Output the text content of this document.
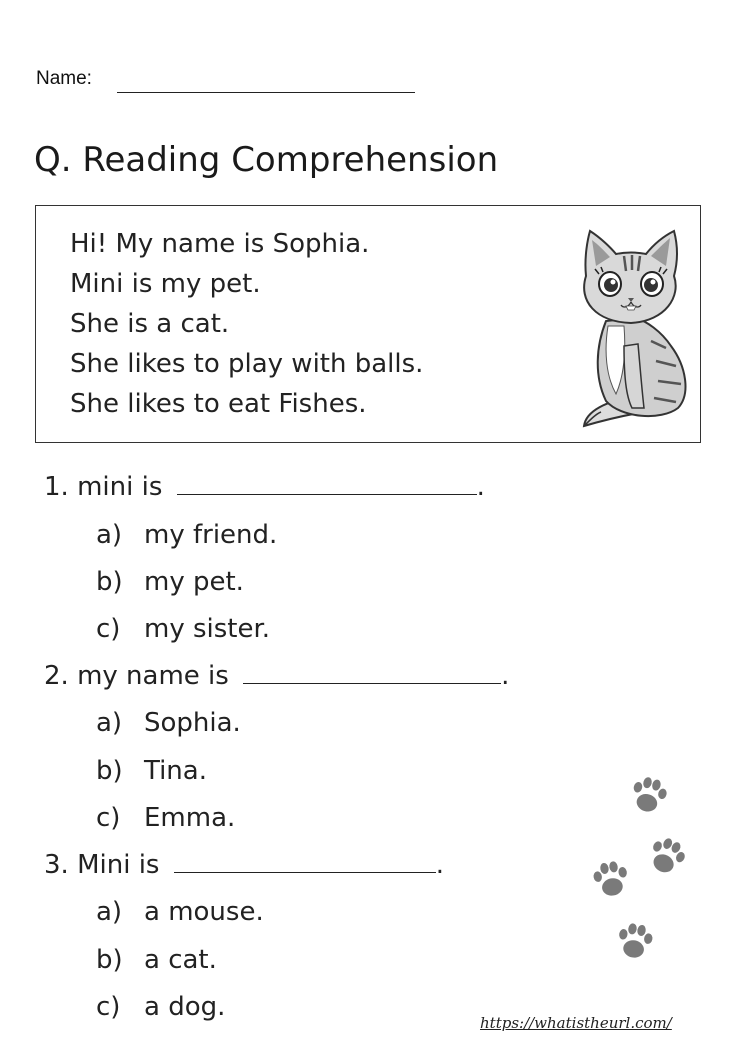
Name:
Q. Reading Comprehension
Hi! My name is Sophia.
Mini is my pet.
She is a cat.
She likes to play with balls.
She likes to eat Fishes.
1. mini is	.
a) my friend.
b) my pet.
c) my sister.
2. my name is	.
a) Sophia.
b) Tina.
c) Emma.
3. Mini is	.
a) a mouse.
b) a cat.
c) a dog.
https://whatistheurl.com/
